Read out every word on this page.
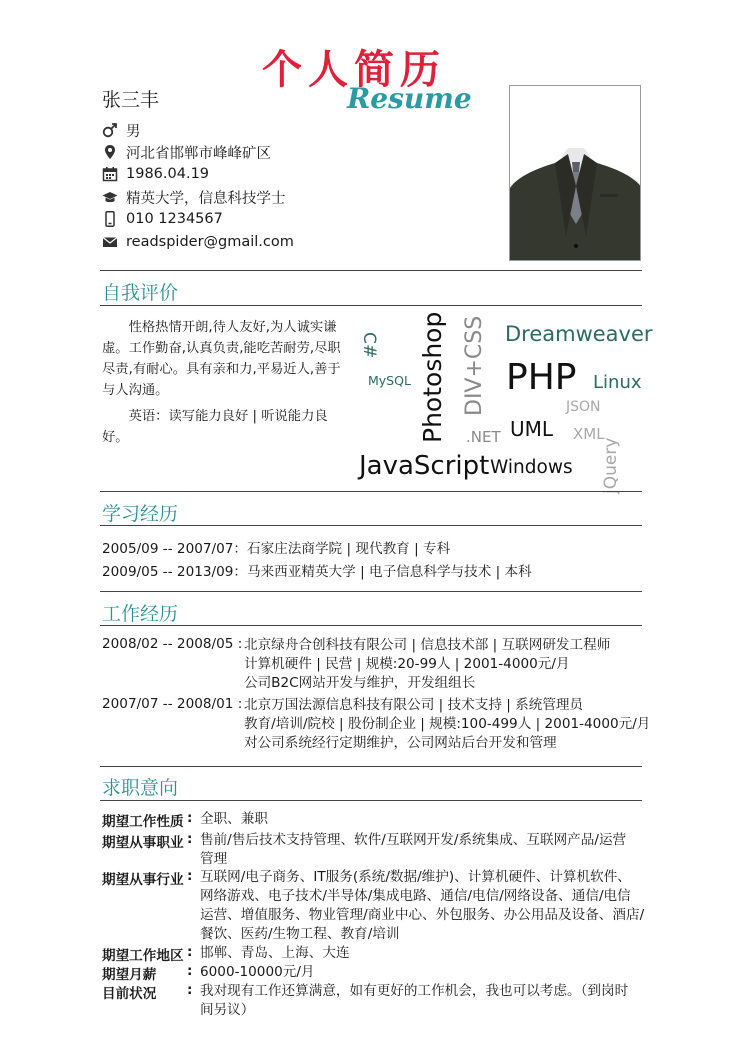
个人简历
Resume
张三丰
男
河北省邯郸市峰峰矿区
1986.04.19
精英大学，信息科技学士
010 1234567
readspider@gmail.com
自我评价

性格热情开朗,待人友好,为人诚实谦虚。工作勤奋,认真负责,能吃苦耐劳,尽职尽责,有耐心。具有亲和力,平易近人,善于与人沟通。

英语：读写能力良好 | 听说能力良好。

C#
MySQL Photoshop DIV+CSS Dreamweaver
PHP Linux
JSON
.NET UML XML
jQuery
JavaScript Windows
学习经历
2005/09 -- 2007/07：石家庄法商学院 | 现代教育 | 专科
2009/05 -- 2013/09：马来西亚精英大学 | 电子信息科学与技术 | 本科
工作经历
2008/02 -- 2008/05 : 北京绿舟合创科技有限公司 | 信息技术部 | 互联网研发工程师
计算机硬件 | 民营 | 规模:20-99人 | 2001-4000元/月
公司B2C网站开发与维护，开发组组长
2007/07 -- 2008/01 : 北京万国法源信息科技有限公司 | 技术支持 | 系统管理员
教育/培训/院校 | 股份制企业 | 规模:100-499人 | 2001-4000元/月
对公司系统经行定期维护，公司网站后台开发和管理
求职意向
期望工作性质 : 全职、兼职
期望从事职业 : 售前/售后技术支持管理、软件/互联网开发/系统集成、互联网产品/运营
管理
期望从事行业 : 互联网/电子商务、IT服务(系统/数据/维护)、计算机硬件、计算机软件、
网络游戏、电子技术/半导体/集成电路、通信/电信/网络设备、通信/电信
运营、增值服务、物业管理/商业中心、外包服务、办公用品及设备、酒店/
餐饮、医药/生物工程、教育/培训
期望工作地区 : 邯郸、青岛、上海、大连
期望月薪 : 6000-10000元/月
目前状况 : 我对现有工作还算满意，如有更好的工作机会，我也可以考虑。（到岗时
间另议）
